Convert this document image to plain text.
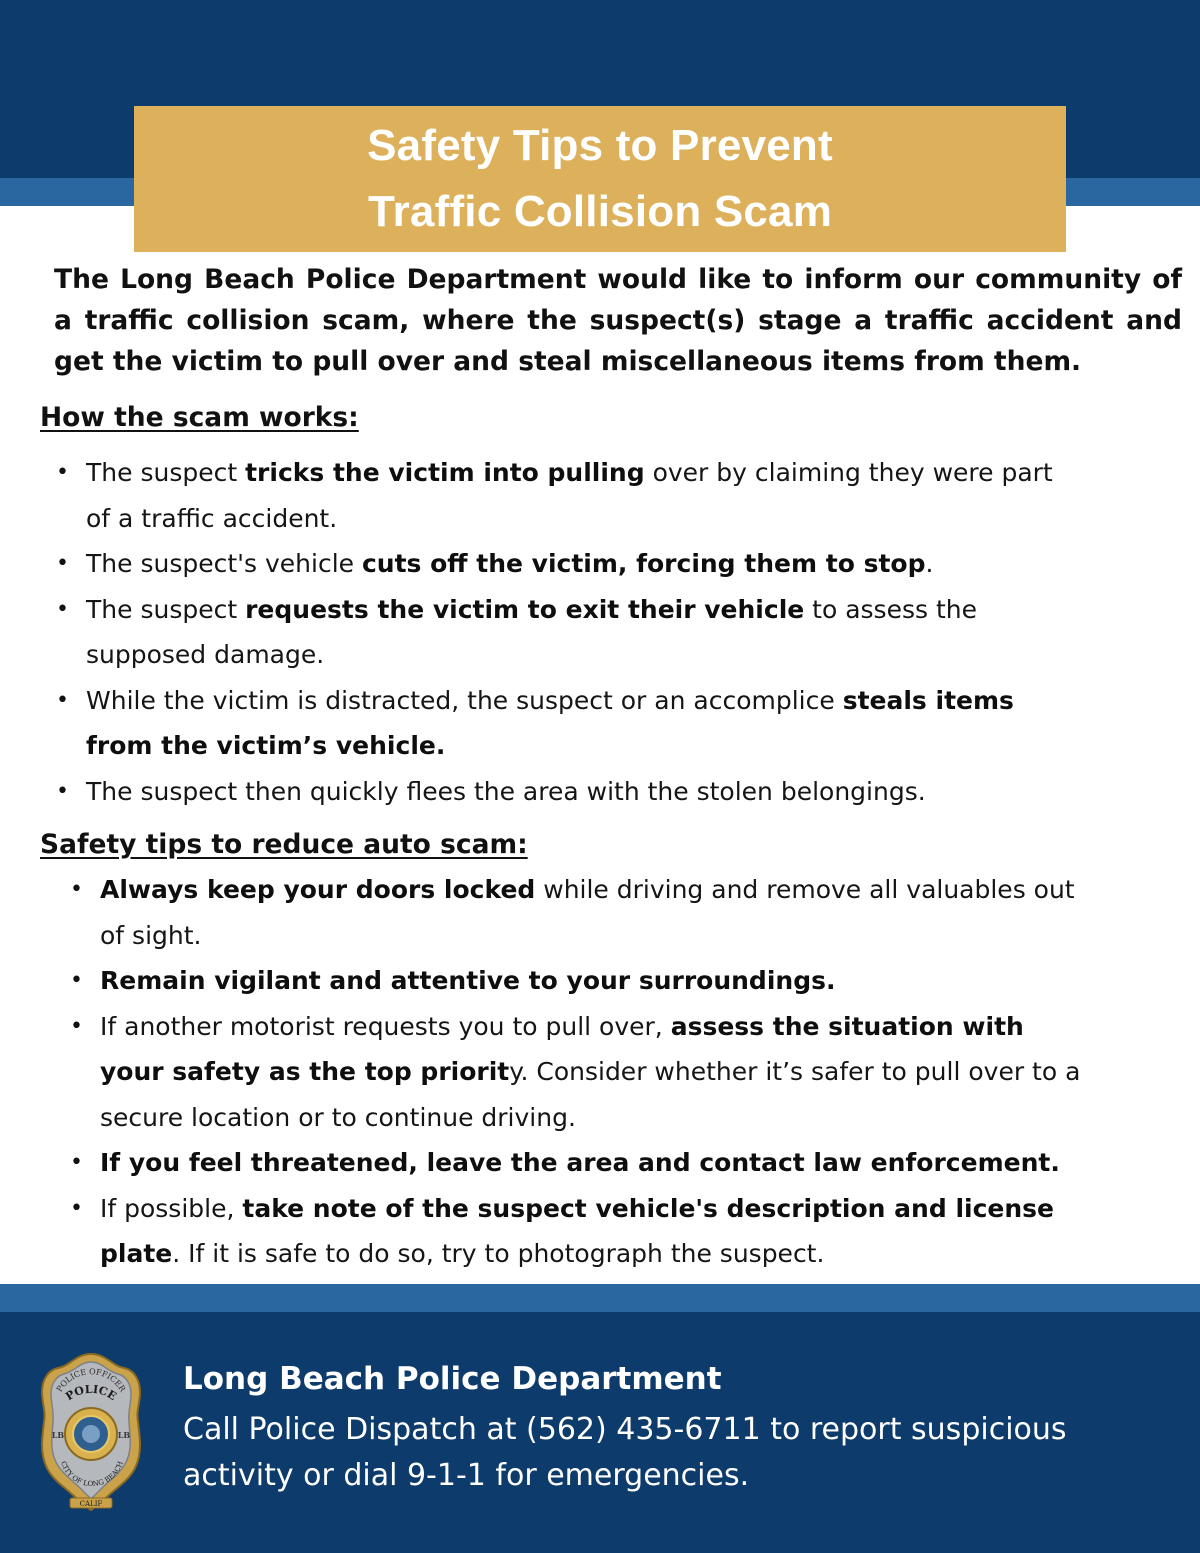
Safety Tips to Prevent
Traffic Collision Scam

The Long Beach Police Department would like to inform our community of a traffic collision scam, where the suspect(s) stage a traffic accident and get the victim to pull over and steal miscellaneous items from them.

How the scam works:
• The suspect tricks the victim into pulling over by claiming they were part of a traffic accident.
• The suspect's vehicle cuts off the victim, forcing them to stop.
• The suspect requests the victim to exit their vehicle to assess the supposed damage.
• While the victim is distracted, the suspect or an accomplice steals items from the victim’s vehicle.
• The suspect then quickly flees the area with the stolen belongings.
Safety tips to reduce auto scam:
• Always keep your doors locked while driving and remove all valuables out of sight.
• Remain vigilant and attentive to your surroundings.
• If another motorist requests you to pull over, assess the situation with your safety as the top priority. Consider whether it’s safer to pull over to a secure location or to continue driving.
• If you feel threatened, leave the area and contact law enforcement.
• If possible, take note of the suspect vehicle's description and license plate. If it is safe to do so, try to photograph the suspect.
POLICE OFFICER
POLICE
CITY OF LONG BEACH
CALIF
LB	LB

Long Beach Police Department

Call Police Dispatch at (562) 435-6711 to report suspicious activity or dial 9-1-1 for emergencies.
